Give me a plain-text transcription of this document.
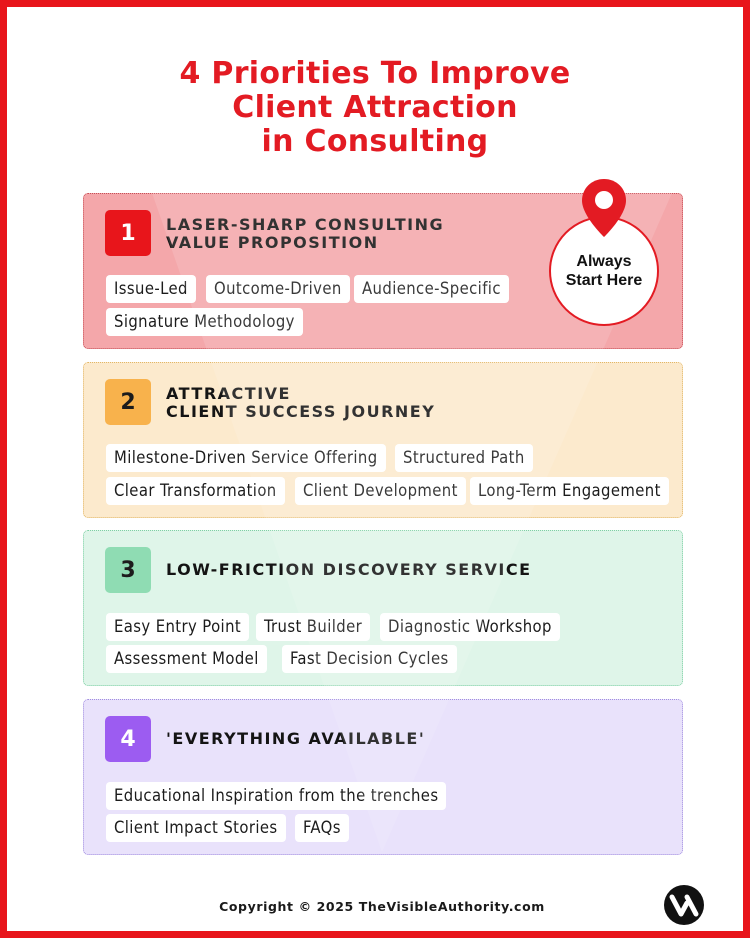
4 Priorities To Improve
Client Attraction
in Consulting
1	LASER-SHARP CONSULTING
VALUE PROPOSITION
Issue-Led	Outcome-Driven	Audience-Specific
Signature Methodology
2	ATTRACTIVE
CLIENT SUCCESS JOURNEY
Milestone-Driven Service Offering	Structured Path
Clear Transformation	Client Development	Long-Term Engagement
3	LOW-FRICTION DISCOVERY SERVICE
Easy Entry Point	Trust Builder	Diagnostic Workshop
Assessment Model	Fast Decision Cycles
4	'EVERYTHING AVAILABLE'
Educational Inspiration from the trenches
Client Impact Stories	FAQs
Always
Start Here
Copyright © 2025 TheVisibleAuthority.com
